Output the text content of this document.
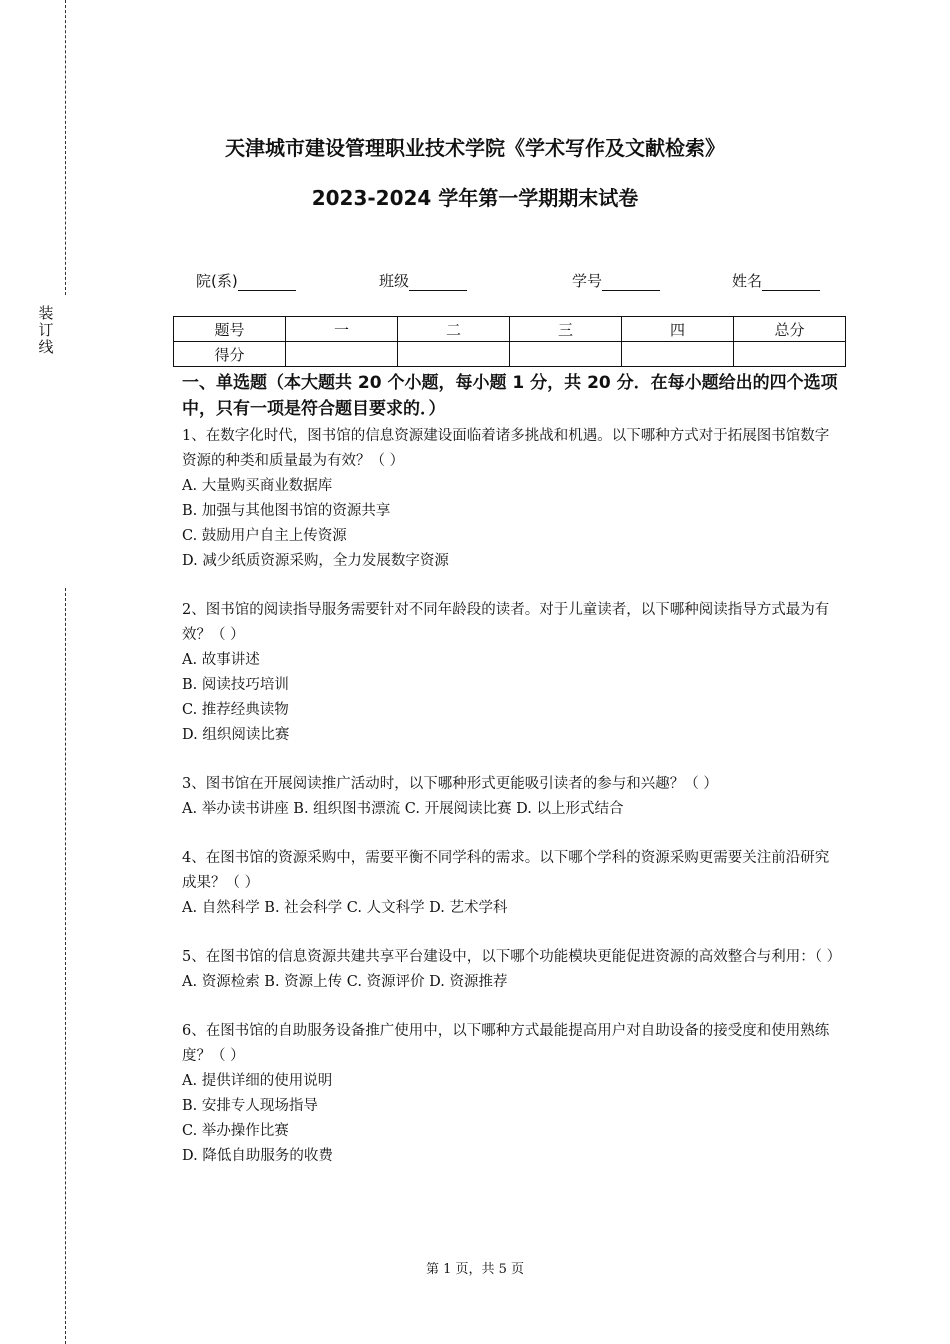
装
订
线
天津城市建设管理职业技术学院《学术写作及文献检索》
2023-2024 学年第一学期期末试卷
院(系)	班级	学号	姓名
题号	一	二	三	四	总分
得分					

一、单选题（本大题共 20 个小题，每小题 1 分，共 20 分．在每小题给出的四个选项中，只有一项是符合题目要求的．）

1、在数字化时代，图书馆的信息资源建设面临着诸多挑战和机遇。以下哪种方式对于拓展图书馆数字资源的种类和质量最为有效？（ ）

A. 大量购买商业数据库

B. 加强与其他图书馆的资源共享

C. 鼓励用户自主上传资源

D. 减少纸质资源采购，全力发展数字资源

2、图书馆的阅读指导服务需要针对不同年龄段的读者。对于儿童读者，以下哪种阅读指导方式最为有效？（ ）

A. 故事讲述

B. 阅读技巧培训

C. 推荐经典读物

D. 组织阅读比赛

3、图书馆在开展阅读推广活动时，以下哪种形式更能吸引读者的参与和兴趣？（ ）

A. 举办读书讲座 B. 组织图书漂流 C. 开展阅读比赛 D. 以上形式结合

4、在图书馆的资源采购中，需要平衡不同学科的需求。以下哪个学科的资源采购更需要关注前沿研究成果？（ ）

A. 自然科学 B. 社会科学 C. 人文科学 D. 艺术学科

5、在图书馆的信息资源共建共享平台建设中，以下哪个功能模块更能促进资源的高效整合与利用：（ ）

A. 资源检索 B. 资源上传 C. 资源评价 D. 资源推荐

6、在图书馆的自助服务设备推广使用中，以下哪种方式最能提高用户对自助设备的接受度和使用熟练度？（ ）

A. 提供详细的使用说明

B. 安排专人现场指导

C. 举办操作比赛

D. 降低自助服务的收费

第 1 页，共 5 页
